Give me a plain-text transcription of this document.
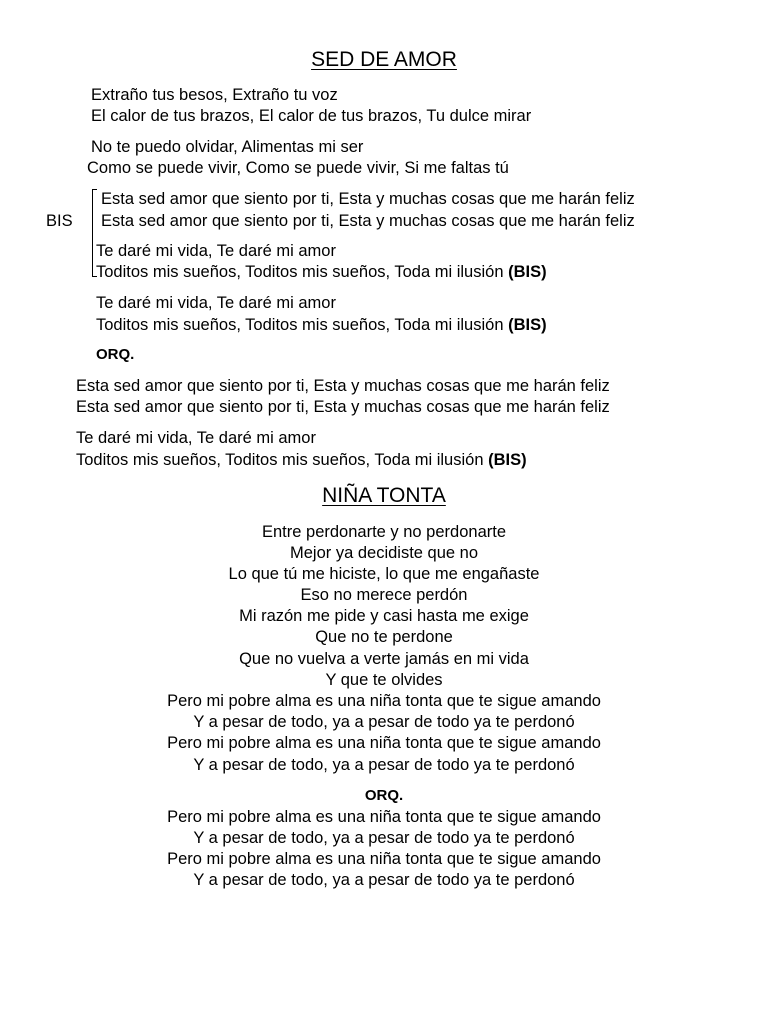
SED DE AMOR
Extraño tus besos, Extraño tu voz
El calor de tus brazos, El calor de tus brazos, Tu dulce mirar
No te puedo olvidar, Alimentas mi ser
Como se puede vivir, Como se puede vivir, Si me faltas tú
BIS
Esta sed amor que siento por ti, Esta y muchas cosas que me harán feliz
Esta sed amor que siento por ti, Esta y muchas cosas que me harán feliz
Te daré mi vida, Te daré mi amor
Toditos mis sueños, Toditos mis sueños, Toda mi ilusión (BIS)
Te daré mi vida, Te daré mi amor
Toditos mis sueños, Toditos mis sueños, Toda mi ilusión (BIS)
ORQ.
Esta sed amor que siento por ti, Esta y muchas cosas que me harán feliz
Esta sed amor que siento por ti, Esta y muchas cosas que me harán feliz
Te daré mi vida, Te daré mi amor
Toditos mis sueños, Toditos mis sueños, Toda mi ilusión (BIS)
NIÑA TONTA
Entre perdonarte y no perdonarte
Mejor ya decidiste que no
Lo que tú me hiciste, lo que me engañaste
Eso no merece perdón
Mi razón me pide y casi hasta me exige
Que no te perdone
Que no vuelva a verte jamás en mi vida
Y que te olvides
Pero mi pobre alma es una niña tonta que te sigue amando
Y a pesar de todo, ya a pesar de todo ya te perdonó
Pero mi pobre alma es una niña tonta que te sigue amando
Y a pesar de todo, ya a pesar de todo ya te perdonó
ORQ.
Pero mi pobre alma es una niña tonta que te sigue amando
Y a pesar de todo, ya a pesar de todo ya te perdonó
Pero mi pobre alma es una niña tonta que te sigue amando
Y a pesar de todo, ya a pesar de todo ya te perdonó
